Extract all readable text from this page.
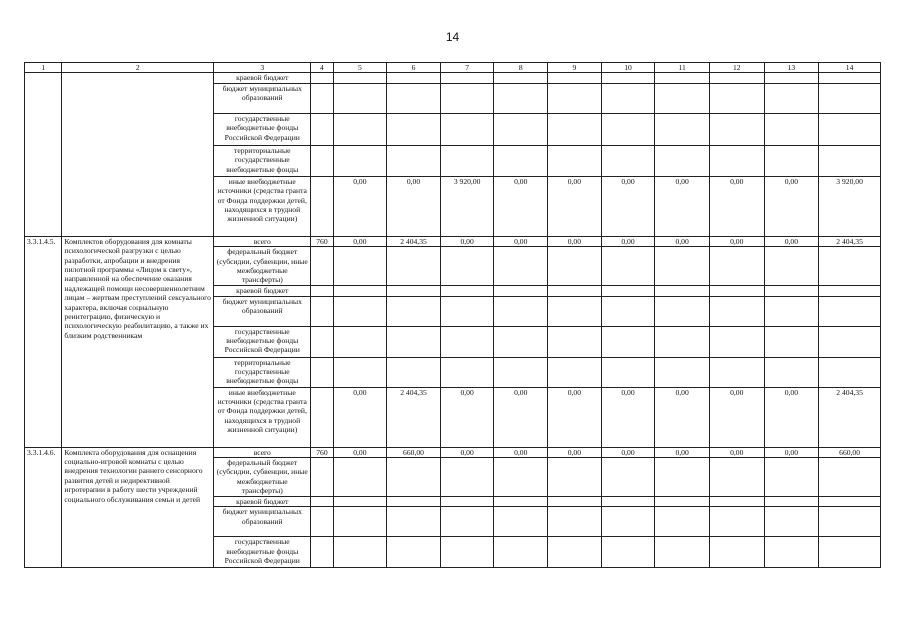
14
1	2	3	4	5	6	7	8	9	10	11	12	13	14
		краевой бюджет											
		бюджет муниципальных образований											
		государственные внебюджетные фонды Российской Федерации											
		территориальные государственные внебюджетные фонды											
		иные внебюджетные источники (средства гранта от Фонда поддержки детей, находящихся в трудной жизненной ситуации)		0,00	0,00	3 920,00	0,00	0,00	0,00	0,00	0,00	0,00	3 920,00
3.3.1.4.5.	Комплектов оборудования для комнаты психологической разгрузки с целью разработки, апробации и внедрения пилотной программы «Лицом к свету», направленной на обеспечение оказания надлежащей помощи несовершеннолетним лицам – жертвам преступлений сексуального характера, включая социальную реинтеграцию, физическую и психологическую реабилитацию, а также их близким родственникам	всего	760	0,00	2 404,35	0,00	0,00	0,00	0,00	0,00	0,00	0,00	2 404,35
		федеральный бюджет (субсидии, субвенции, иные межбюджетные трансферты)											
		краевой бюджет											
		бюджет муниципальных образований											
		государственные внебюджетные фонды Российской Федерации											
		территориальные государственные внебюджетные фонды											
		иные внебюджетные источники (средства гранта от Фонда поддержки детей, находящихся в трудной жизненной ситуации)		0,00	2 404,35	0,00	0,00	0,00	0,00	0,00	0,00	0,00	2 404,35
3.3.1.4.6.	Комплекта оборудования для оснащения социально-игровой комнаты с целью внедрения технологии раннего сенсорного развития детей и недирективной игротерапии в работу шести учреждений социального обслуживания семьи и детей	всего	760	0,00	660,00	0,00	0,00	0,00	0,00	0,00	0,00	0,00	660,00
		федеральный бюджет (субсидии, субвенции, иные межбюджетные трансферты)											
		краевой бюджет											
		бюджет муниципальных образований											
		государственные внебюджетные фонды Российской Федерации											
